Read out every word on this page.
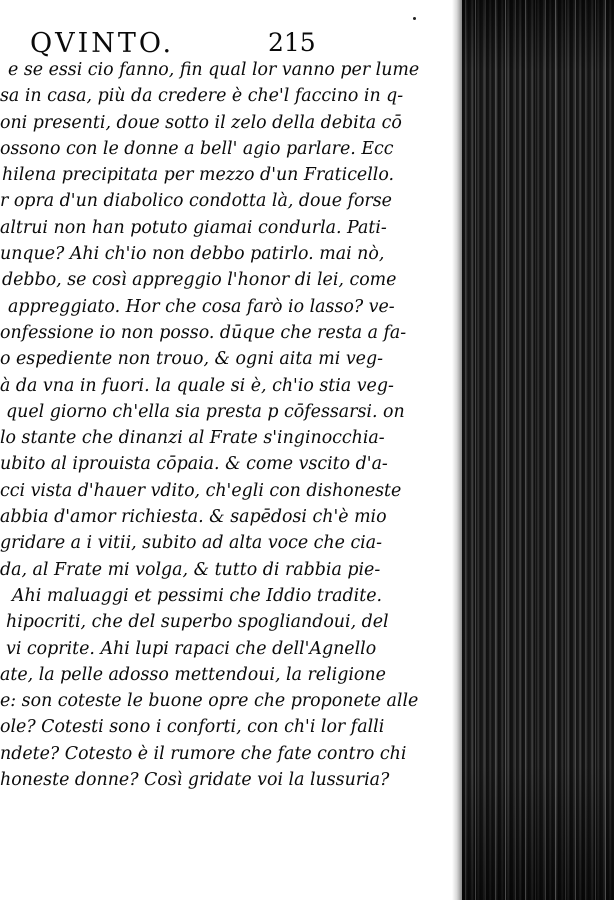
QVINTO.	215
e se essi cio fanno, fin qual lor vanno per lume
sa in casa, più da credere è che'l faccino in q-
oni presenti, doue sotto il zelo della debita cō
ossono con le donne a bell' agio parlare. Ecc
hilena precipitata per mezzo d'un Fraticello.
r opra d'un diabolico condotta là, doue forse
altrui non han potuto giamai condurla. Pati-
unque? Ahi ch'io non debbo patirlo. mai nò,
debbo, se così appreggio l'honor di lei, come
appreggiato. Hor che cosa farò io lasso? ve-
onfessione io non posso. dūque che resta a fa-
o espediente non trouo, & ogni aita mi veg-
à da vna in fuori. la quale si è, ch'io stia veg-
quel giorno ch'ella sia presta p cōfessarsi. on
lo stante che dinanzi al Frate s'inginocchia-
ubito al iprouista cōpaia. & come vscito d'a-
cci vista d'hauer vdito, ch'egli con dishoneste
abbia d'amor richiesta. & sapēdosi ch'è mio
gridare a i vitii, subito ad alta voce che cia-
da, al Frate mi volga, & tutto di rabbia pie-
Ahi maluaggi et pessimi che Iddio tradite.
hipocriti, che del superbo spogliandoui, del
vi coprite. Ahi lupi rapaci che dell'Agnello
ate, la pelle adosso mettendoui, la religione
e: son coteste le buone opre che proponete alle
ole? Cotesti sono i conforti, con ch'i lor falli
ndete? Cotesto è il rumore che fate contro chi
honeste donne? Così gridate voi la lussuria?
